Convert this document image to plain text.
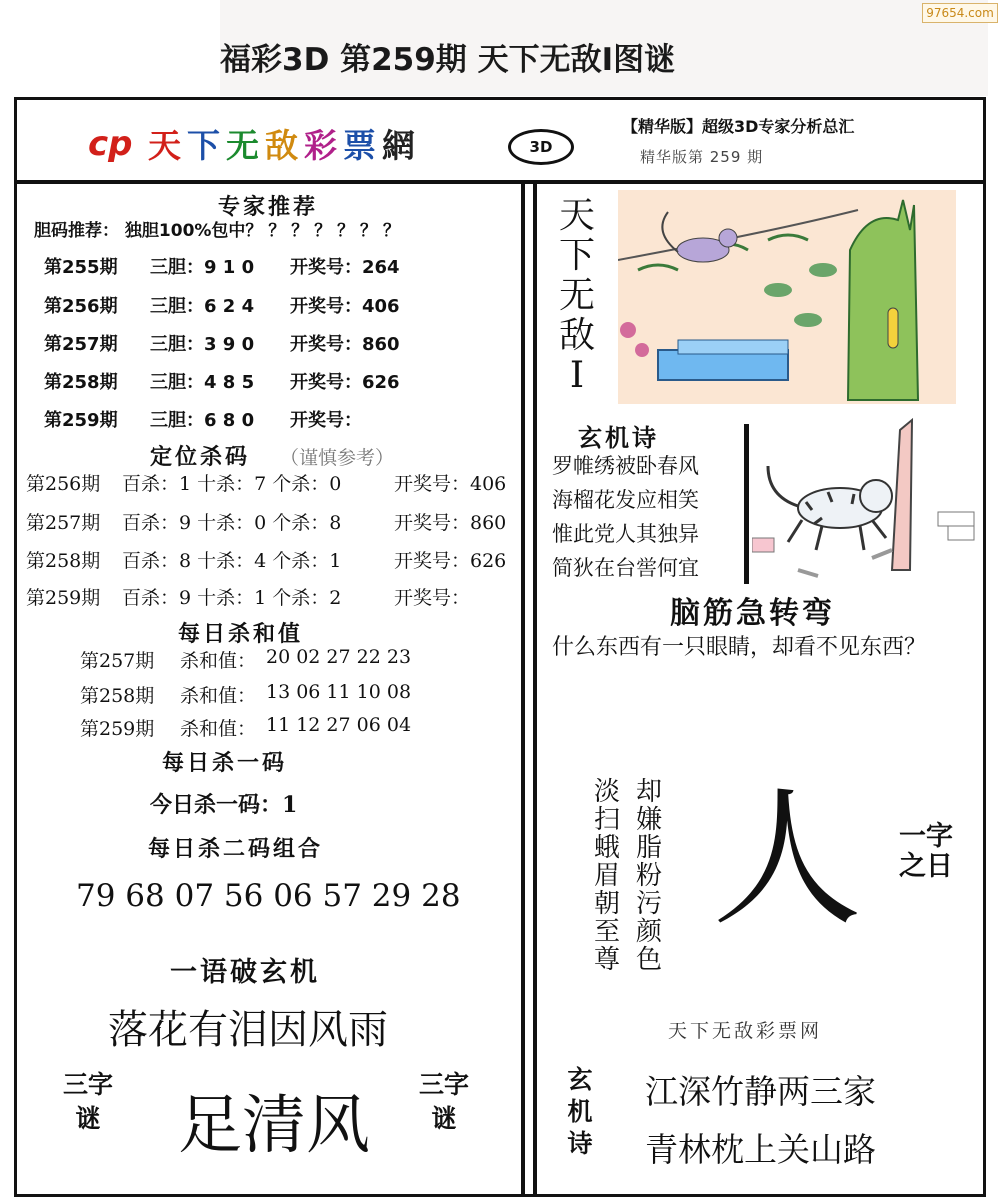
福彩3D 第259期 天下无敌Ⅰ图谜
97654.com
cp 天下无敌彩票網	3D
【精华版】超级3D专家分析总汇
精华版第 259 期
专家推荐
胆码推荐： 独胆100%包中？ ？ ？ ？ ？ ？ ？
第255期 三胆：9 1 0 开奖号：264
第256期 三胆：6 2 4 开奖号：406
第257期 三胆：3 9 0 开奖号：860
第258期 三胆：4 8 5 开奖号：626
第259期 三胆：6 8 0 开奖号：
定位杀码 （谨慎参考）
第256期 百杀：1 十杀：7 个杀：0	开奖号：406
第257期 百杀：9 十杀：0 个杀：8	开奖号：860
第258期 百杀：8 十杀：4 个杀：1	开奖号：626
第259期 百杀：9 十杀：1 个杀：2	开奖号：
每日杀和值
第257期 杀和值： 20 02 27 22 23
第258期 杀和值： 13 06 11 10 08
第259期 杀和值： 11 12 27 06 04
每日杀一码
今日杀一码：1
每日杀二码组合
79 68 07 56 06 57 29 28
一语破玄机
落花有泪因风雨
三字谜 足清风
三字谜
天下无敌Ⅰ
玄机诗
罗帷绣被卧春风
海榴花发应相笑
惟此党人其独异
简狄在台喾何宜
脑筋急转弯
什么东西有一只眼睛，却看不见东西？
淡扫蛾眉朝至尊
却嫌脂粉污颜色
人 一字之日
天下无敌彩票网
玄机诗
江深竹静两三家
青林枕上关山路
